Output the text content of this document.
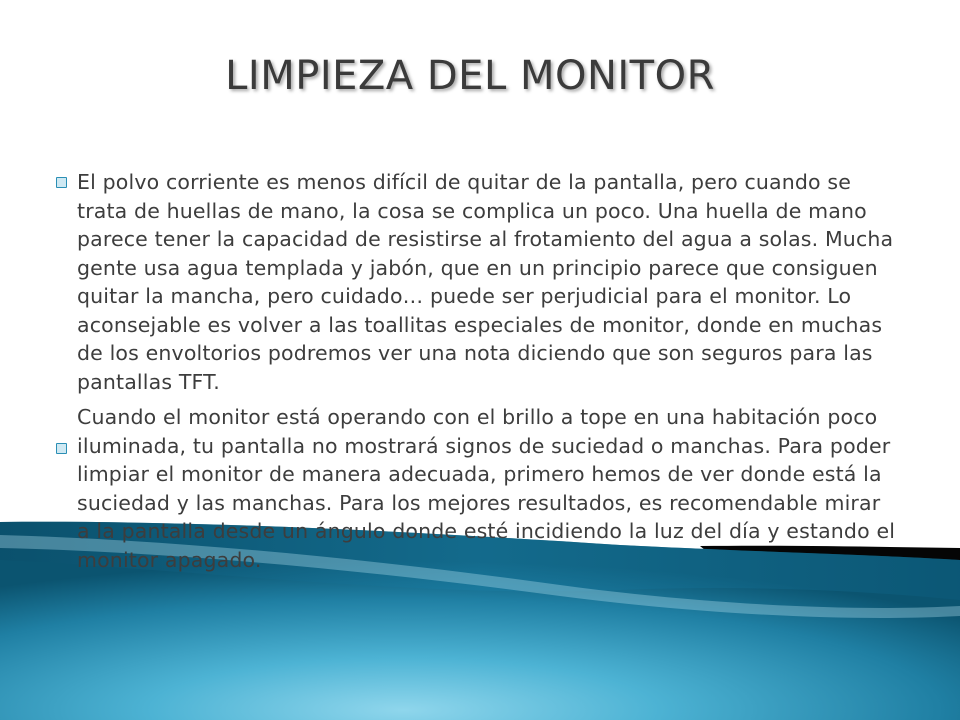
LIMPIEZA DEL MONITOR

El polvo corriente es menos difícil de quitar de la pantalla, pero cuando se trata de huellas de mano, la cosa se complica un poco. Una huella de mano parece tener la capacidad de resistirse al frotamiento del agua a solas. Mucha gente usa agua templada y jabón, que en un principio parece que consiguen quitar la mancha, pero cuidado… puede ser perjudicial para el monitor. Lo aconsejable es volver a las toallitas especiales de monitor, donde en muchas de los envoltorios podremos ver una nota diciendo que son seguros para las pantallas TFT.

Cuando el monitor está operando con el brillo a tope en una habitación poco iluminada, tu pantalla no mostrará signos de suciedad o manchas. Para poder limpiar el monitor de manera adecuada, primero hemos de ver donde está la suciedad y las manchas. Para los mejores resultados, es recomendable mirar a la pantalla desde un ángulo donde esté incidiendo la luz del día y estando el monitor apagado.
